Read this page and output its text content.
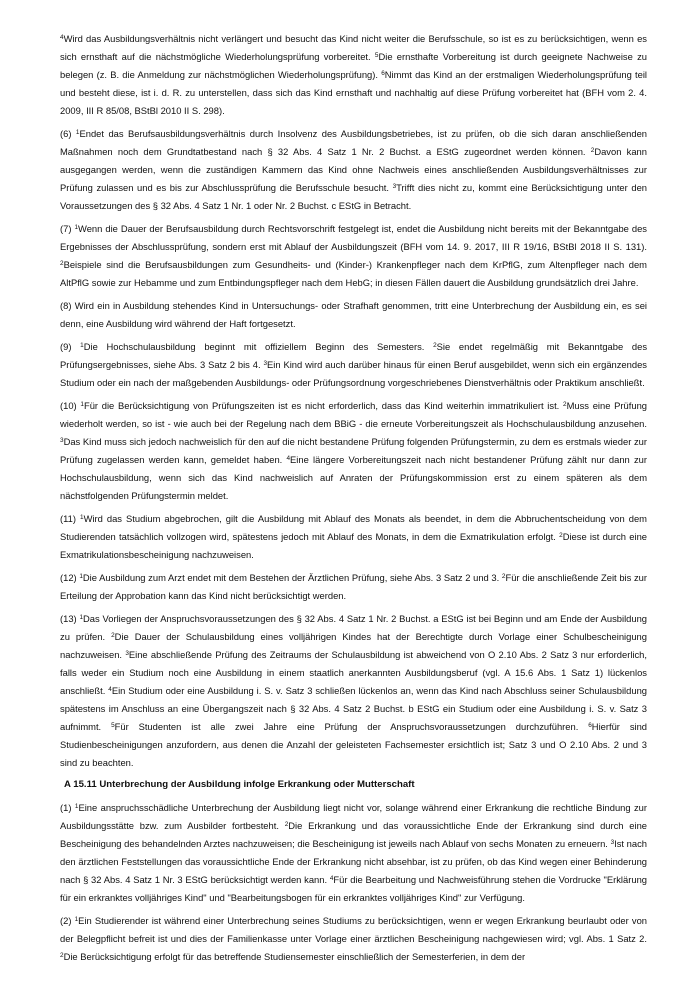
$^4$Wird das Ausbildungsverhältnis nicht verlängert und besucht das Kind nicht weiter die Berufsschule, so ist es zu berücksichtigen, wenn es sich ernsthaft auf die nächstmögliche Wiederholungsprüfung vorbereitet. $^5$Die ernsthafte Vorbereitung ist durch geeignete Nachweise zu belegen (z. B. die Anmeldung zur nächstmöglichen Wiederholungsprüfung). $^6$Nimmt das Kind an der erstmaligen Wiederholungsprüfung teil und besteht diese, ist i. d. R. zu unterstellen, dass sich das Kind ernsthaft und nachhaltig auf diese Prüfung vorbereitet hat (BFH vom 2. 4. 2009, III R 85/08, BStBl 2010 II S. 298).

(6) $^1$Endet das Berufsausbildungsverhältnis durch Insolvenz des Ausbildungsbetriebes, ist zu prüfen, ob die sich daran anschließenden Maßnahmen noch dem Grundtatbestand nach § 32 Abs. 4 Satz 1 Nr. 2 Buchst. a EStG zugeordnet werden können. $^2$Davon kann ausgegangen werden, wenn die zuständigen Kammern das Kind ohne Nachweis eines anschließenden Ausbildungsverhältnisses zur Prüfung zulassen und es bis zur Abschlussprüfung die Berufsschule besucht. $^3$Trifft dies nicht zu, kommt eine Berücksichtigung unter den Voraussetzungen des § 32 Abs. 4 Satz 1 Nr. 1 oder Nr. 2 Buchst. c EStG in Betracht.

(7) $^1$Wenn die Dauer der Berufsausbildung durch Rechtsvorschrift festgelegt ist, endet die Ausbildung nicht bereits mit der Bekanntgabe des Ergebnisses der Abschlussprüfung, sondern erst mit Ablauf der Ausbildungszeit (BFH vom 14. 9. 2017, III R 19/16, BStBl 2018 II S. 131). $^2$Beispiele sind die Berufsausbildungen zum Gesundheits- und (Kinder-) Krankenpfleger nach dem KrPflG, zum Altenpfleger nach dem AltPflG sowie zur Hebamme und zum Entbindungspfleger nach dem HebG; in diesen Fällen dauert die Ausbildung grundsätzlich drei Jahre.

(8) Wird ein in Ausbildung stehendes Kind in Untersuchungs- oder Strafhaft genommen, tritt eine Unterbrechung der Ausbildung ein, es sei denn, eine Ausbildung wird während der Haft fortgesetzt.

(9) $^1$Die Hochschulausbildung beginnt mit offiziellem Beginn des Semesters. $^2$Sie endet regelmäßig mit Bekanntgabe des Prüfungsergebnisses, siehe Abs. 3 Satz 2 bis 4. $^3$Ein Kind wird auch darüber hinaus für einen Beruf ausgebildet, wenn sich ein ergänzendes Studium oder ein nach der maßgebenden Ausbildungs- oder Prüfungsordnung vorgeschriebenes Dienstverhältnis oder Praktikum anschließt.

(10) $^1$Für die Berücksichtigung von Prüfungszeiten ist es nicht erforderlich, dass das Kind weiterhin immatrikuliert ist. $^2$Muss eine Prüfung wiederholt werden, so ist - wie auch bei der Regelung nach dem BBiG - die erneute Vorbereitungszeit als Hochschulausbildung anzusehen. $^3$Das Kind muss sich jedoch nachweislich für den auf die nicht bestandene Prüfung folgenden Prüfungstermin, zu dem es erstmals wieder zur Prüfung zugelassen werden kann, gemeldet haben. $^4$Eine längere Vorbereitungszeit nach nicht bestandener Prüfung zählt nur dann zur Hochschulausbildung, wenn sich das Kind nachweislich auf Anraten der Prüfungskommission erst zu einem späteren als dem nächstfolgenden Prüfungstermin meldet.

(11) $^1$Wird das Studium abgebrochen, gilt die Ausbildung mit Ablauf des Monats als beendet, in dem die Abbruchentscheidung von dem Studierenden tatsächlich vollzogen wird, spätestens jedoch mit Ablauf des Monats, in dem die Exmatrikulation erfolgt. $^2$Diese ist durch eine Exmatrikulationsbescheinigung nachzuweisen.

(12) $^1$Die Ausbildung zum Arzt endet mit dem Bestehen der Ärztlichen Prüfung, siehe Abs. 3 Satz 2 und 3. $^2$Für die anschließende Zeit bis zur Erteilung der Approbation kann das Kind nicht berücksichtigt werden.

(13) $^1$Das Vorliegen der Anspruchsvoraussetzungen des § 32 Abs. 4 Satz 1 Nr. 2 Buchst. a EStG ist bei Beginn und am Ende der Ausbildung zu prüfen. $^2$Die Dauer der Schulausbildung eines volljährigen Kindes hat der Berechtigte durch Vorlage einer Schulbescheinigung nachzuweisen. $^3$Eine abschließende Prüfung des Zeitraums der Schulausbildung ist abweichend von O 2.10 Abs. 2 Satz 3 nur erforderlich, falls weder ein Studium noch eine Ausbildung in einem staatlich anerkannten Ausbildungsberuf (vgl. A 15.6 Abs. 1 Satz 1) lückenlos anschließt. $^4$Ein Studium oder eine Ausbildung i. S. v. Satz 3 schließen lückenlos an, wenn das Kind nach Abschluss seiner Schulausbildung spätestens im Anschluss an eine Übergangszeit nach § 32 Abs. 4 Satz 2 Buchst. b EStG ein Studium oder eine Ausbildung i. S. v. Satz 3 aufnimmt. $^5$Für Studenten ist alle zwei Jahre eine Prüfung der Anspruchsvoraussetzungen durchzuführen. $^6$Hierfür sind Studienbescheinigungen anzufordern, aus denen die Anzahl der geleisteten Fachsemester ersichtlich ist; Satz 3 und O 2.10 Abs. 2 und 3 sind zu beachten.

A 15.11 Unterbrechung der Ausbildung infolge Erkrankung oder Mutterschaft

(1) $^1$Eine anspruchsschädliche Unterbrechung der Ausbildung liegt nicht vor, solange während einer Erkrankung die rechtliche Bindung zur Ausbildungsstätte bzw. zum Ausbilder fortbesteht. $^2$Die Erkrankung und das voraussichtliche Ende der Erkrankung sind durch eine Bescheinigung des behandelnden Arztes nachzuweisen; die Bescheinigung ist jeweils nach Ablauf von sechs Monaten zu erneuern. $^3$Ist nach den ärztlichen Feststellungen das voraussichtliche Ende der Erkrankung nicht absehbar, ist zu prüfen, ob das Kind wegen einer Behinderung nach § 32 Abs. 4 Satz 1 Nr. 3 EStG berücksichtigt werden kann. $^4$Für die Bearbeitung und Nachweisführung stehen die Vordrucke "Erklärung für ein erkranktes volljähriges Kind" und "Bearbeitungsbogen für ein erkranktes volljähriges Kind" zur Verfügung.

(2) $^1$Ein Studierender ist während einer Unterbrechung seines Studiums zu berücksichtigen, wenn er wegen Erkrankung beurlaubt oder von der Belegpflicht befreit ist und dies der Familienkasse unter Vorlage einer ärztlichen Bescheinigung nachgewiesen wird; vgl. Abs. 1 Satz 2. $^2$Die Berücksichtigung erfolgt für das betreffende Studiensemester einschließlich der Semesterferien, in dem der
